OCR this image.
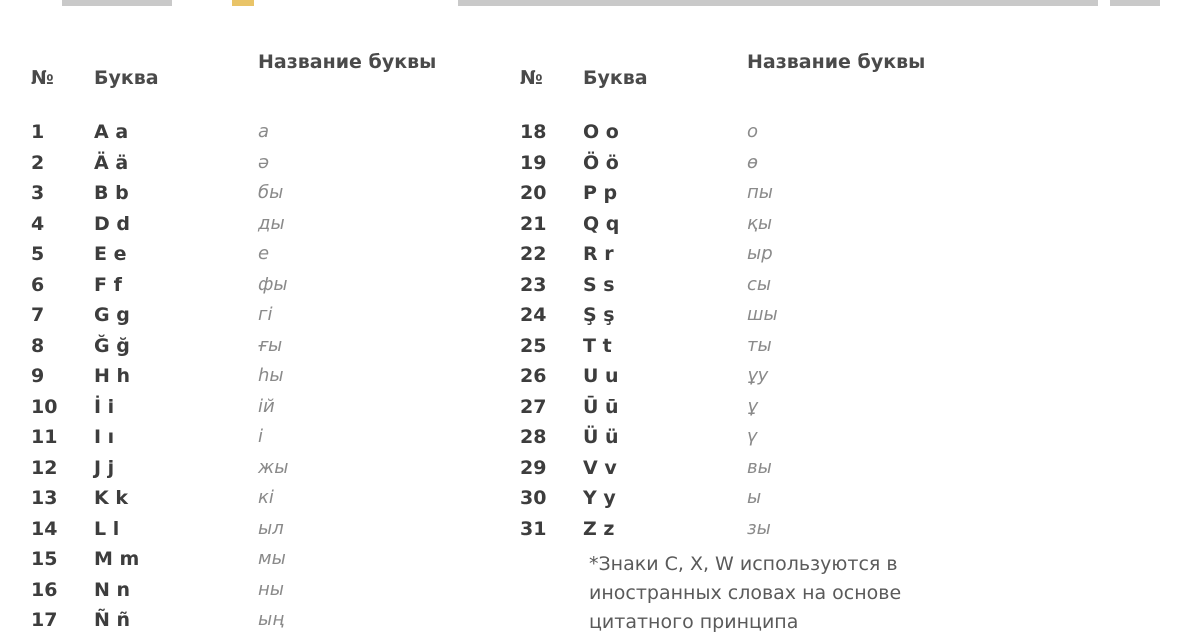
№ Буква
Название буквы
1	A a	а
2	Ä ä	ә
3	B b	бы
4	D d	ды
5	E e	е
6	F f	фы
7	G g	гі
8	Ğ ğ	ғы
9	H h	һы
10 İ i	ій
11 I ı	і
12 J j	жы
13 K k	кі
14 L l	ыл
15 M m	мы
16 N n	ны
17 Ñ ñ	ың
№ Буква
Название буквы
18 O o	о
19 Ö ö	ө
20 P p	пы
21 Q q	қы
22 R r	ыр
23 S s	сы
24 Ş ş	шы
25 T t	ты
26 U u	ұу
27 Ū ū	ұ
28 Ü ü	ү
29 V v	вы
30 Y y	ы
31 Z z	зы
*Знаки C, X, W используются в
иностранных словах на основе
цитатного принципа
